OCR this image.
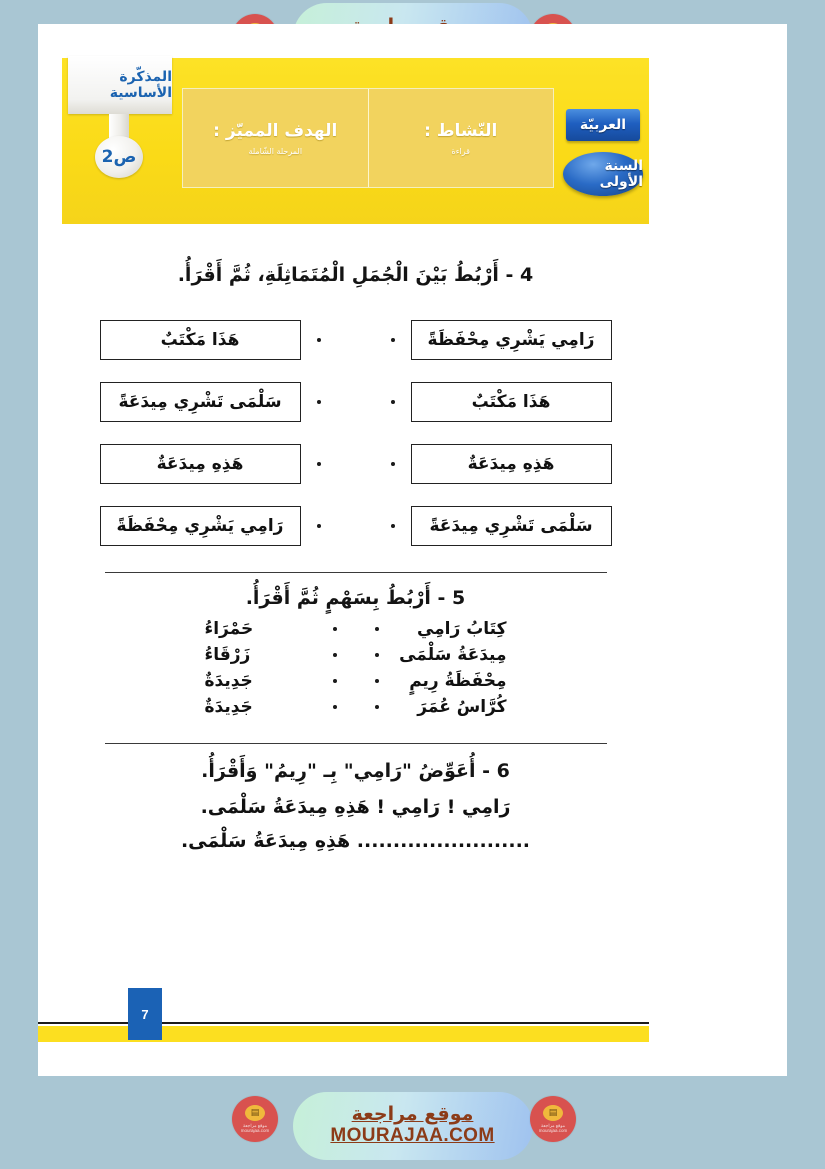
المذكّرة الأساسية
ص2
النّشاط :
قراءة
الهدف المميّز :
المرحلة الشّاملة
العربيّة
السنة الأولى
4 - أَرْبُطُ بَيْنَ الْجُمَلِ الْمُتَمَاثِلَةِ، ثُمَّ أَقْرَأُ.
رَامِي يَشْرِي مِحْفَظَةً
هَذَا مَكْتَبٌ
هَذَا مَكْتَبٌ
سَلْمَى تَشْرِي مِيدَعَةً
هَذِهِ مِيدَعَةٌ
هَذِهِ مِيدَعَةٌ
سَلْمَى تَشْرِي مِيدَعَةً
رَامِي يَشْرِي مِحْفَظَةً
5 - أَرْبُطُ بِسَهْمٍ ثُمَّ أَقْرَأُ.
كِتَابُ رَامِي
حَمْرَاءُ
مِيدَعَةُ سَلْمَى
زَرْقَاءُ
مِحْفَظَةُ رِيمٍ
جَدِيدَةٌ
كُرَّاسُ عُمَرَ
جَدِيدَةٌ
6 - أُعَوِّضُ "رَامِي" بِـ "رِيمُ" وَأَقْرَأُ.
رَامِي ! رَامِي ! هَذِهِ مِيدَعَةُ سَلْمَى.
........................ هَذِهِ مِيدَعَةُ سَلْمَى.
7
▤
موقع مراجعة mourajaa.com
موقع مراجعة
MOURAJAA.COM
▤
موقع مراجعة mourajaa.com
